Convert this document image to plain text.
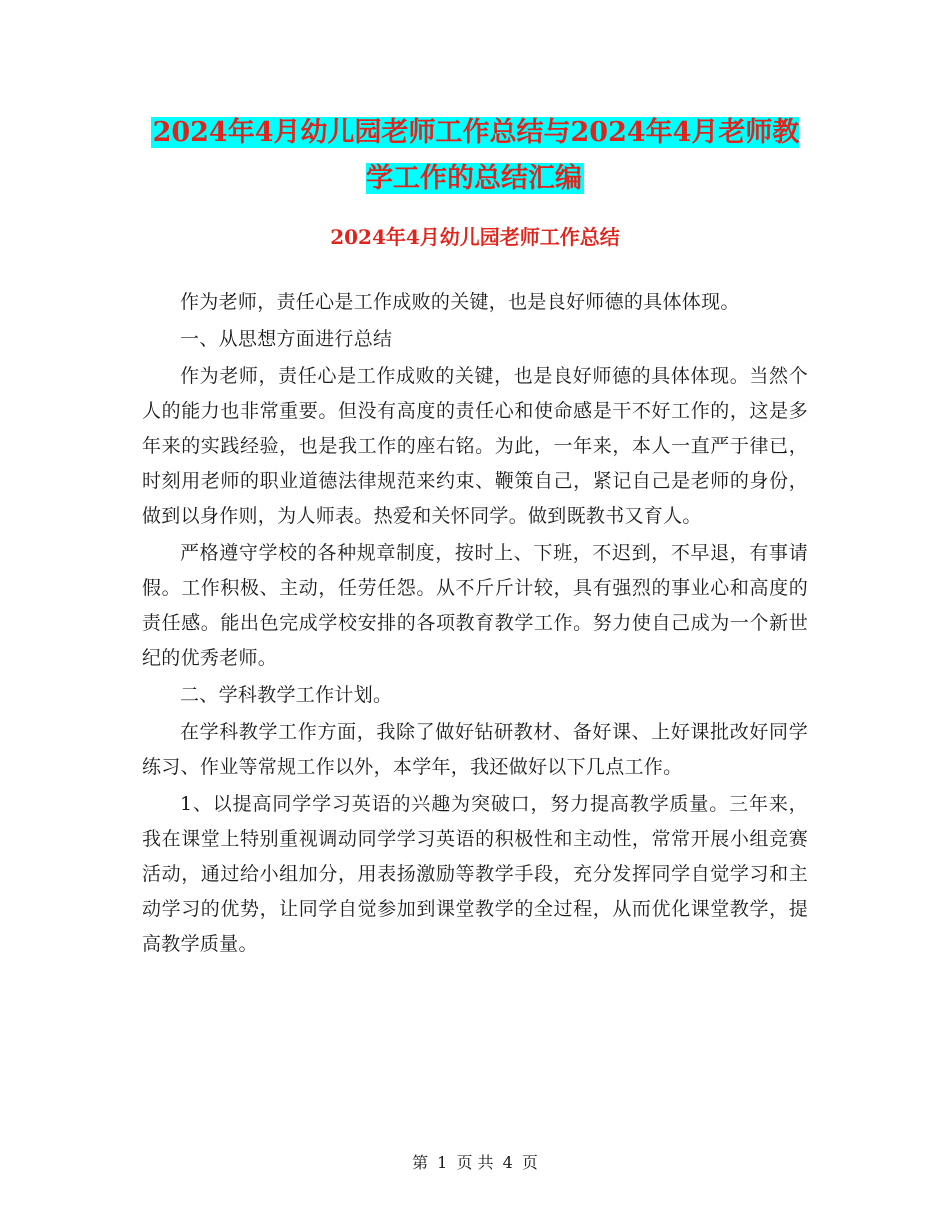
2024年4月幼儿园老师工作总结与2024年4月老师教学工作的总结汇编
2024年4月幼儿园老师工作总结

作为老师，责任心是工作成败的关键，也是良好师德的具体体现。

一、从思想方面进行总结

作为老师，责任心是工作成败的关键，也是良好师德的具体体现。当然个人的能力也非常重要。但没有高度的责任心和使命感是干不好工作的，这是多年来的实践经验，也是我工作的座右铭。为此，一年来，本人一直严于律已，时刻用老师的职业道德法律规范来约束、鞭策自己，紧记自己是老师的身份，做到以身作则，为人师表。热爱和关怀同学。做到既教书又育人。

严格遵守学校的各种规章制度，按时上、下班，不迟到，不早退，有事请假。工作积极、主动，任劳任怨。从不斤斤计较，具有强烈的事业心和高度的责任感。能出色完成学校安排的各项教育教学工作。努力使自己成为一个新世纪的优秀老师。

二、学科教学工作计划。

在学科教学工作方面，我除了做好钻研教材、备好课、上好课批改好同学练习、作业等常规工作以外，本学年，我还做好以下几点工作。

1、以提高同学学习英语的兴趣为突破口，努力提高教学质量。三年来，我在课堂上特别重视调动同学学习英语的积极性和主动性，常常开展小组竞赛活动，通过给小组加分，用表扬激励等教学手段，充分发挥同学自觉学习和主动学习的优势，让同学自觉参加到课堂教学的全过程，从而优化课堂教学，提高教学质量。

第 1 页 共 4 页
